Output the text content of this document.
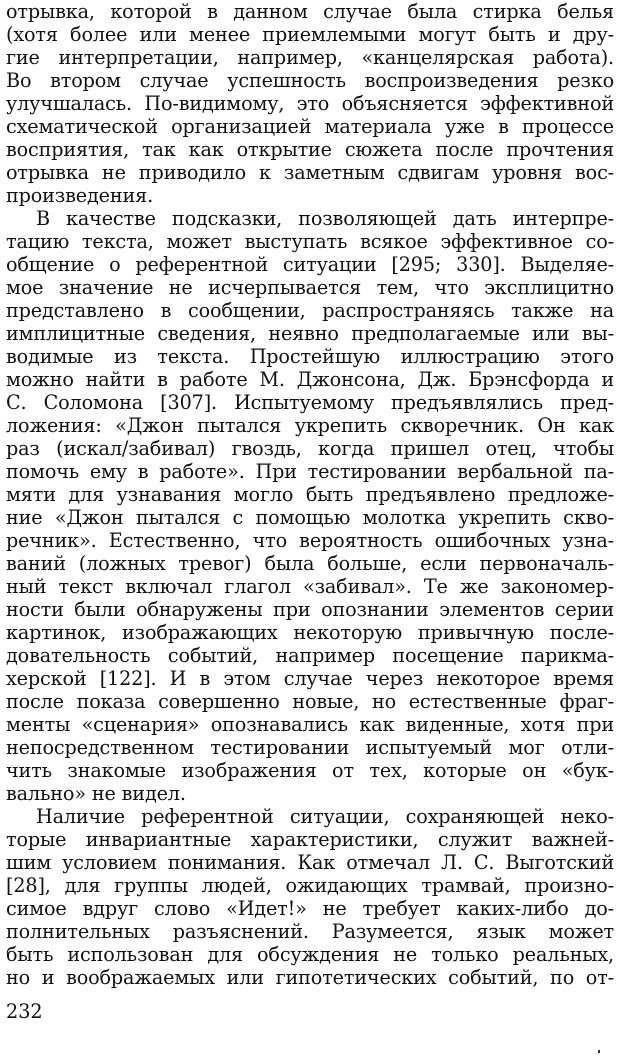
отрывка, которой в данном случае была стирка белья
(хотя более или менее приемлемыми могут быть и дру-
гие интерпретации, например, «канцелярская работа).
Во втором случае успешность воспроизведения резко
улучшалась. По-видимому, это объясняется эффективной
схематической организацией материала уже в процессе
восприятия, так как открытие сюжета после прочтения
отрывка не приводило к заметным сдвигам уровня вос-
произведения.
В качестве подсказки, позволяющей дать интерпре-
тацию текста, может выступать всякое эффективное со-
общение о референтной ситуации [295; 330]. Выделяе-
мое значение не исчерпывается тем, что эксплицитно
представлено в сообщении, распространяясь также на
имплицитные сведения, неявно предполагаемые или вы-
водимые из текста. Простейшую иллюстрацию этого
можно найти в работе М. Джонсона, Дж. Брэнсфорда и
С. Соломона [307]. Испытуемому предъявлялись пред-
ложения: «Джон пытался укрепить скворечник. Он как
раз (искал/забивал) гвоздь, когда пришел отец, чтобы
помочь ему в работе». При тестировании вербальной па-
мяти для узнавания могло быть предъявлено предложе-
ние «Джон пытался с помощью молотка укрепить скво-
речник». Естественно, что вероятность ошибочных узна-
ваний (ложных тревог) была больше, если первоначаль-
ный текст включал глагол «забивал». Те же закономер-
ности были обнаружены при опознании элементов серии
картинок, изображающих некоторую привычную после-
довательность событий, например посещение парикма-
херской [122]. И в этом случае через некоторое время
после показа совершенно новые, но естественные фраг-
менты «сценария» опознавались как виденные, хотя при
непосредственном тестировании испытуемый мог отли-
чить знакомые изображения от тех, которые он «бук-
вально» не видел.
Наличие референтной ситуации, сохраняющей неко-
торые инвариантные характеристики, служит важней-
шим условием понимания. Как отмечал Л. С. Выготский
[28], для группы людей, ожидающих трамвай, произно-
симое вдруг слово «Идет!» не требует каких-либо до-
полнительных разъяснений. Разумеется, язык может
быть использован для обсуждения не только реальных,
но и воображаемых или гипотетических событий, по от-
232
